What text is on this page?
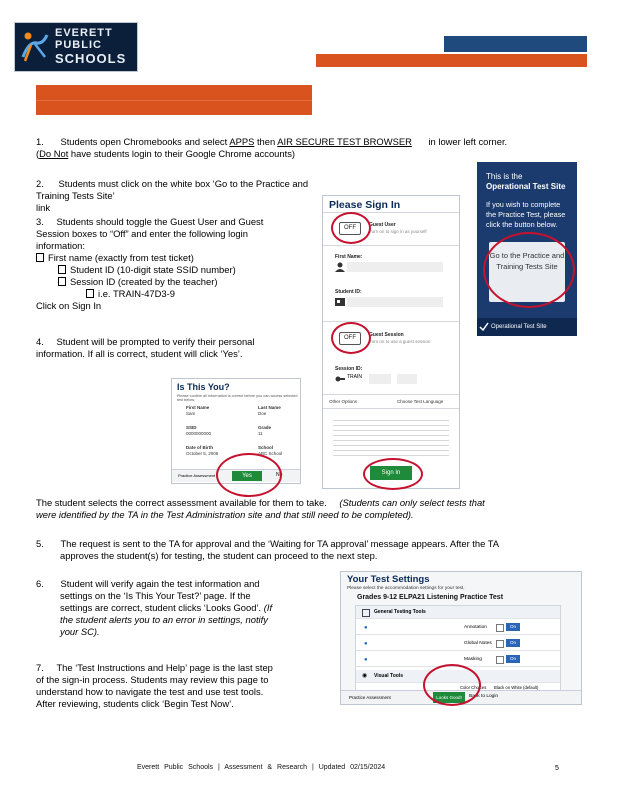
EVERETT
PUBLIC
SCHOOLS
1. Students open Chromebooks and select APPS then AIR SECURE TEST BROWSER in lower left corner.
(Do Not have students login to their Google Chrome accounts)
2. Students must click on the white box ‘Go to the Practice and Training Tests Site’
link
3. Students should toggle the Guest User and Guest
Session boxes to “Off” and enter the following login
information:
First name (exactly from test ticket)
Student ID (10-digit state SSID number)
Session ID (created by the teacher)
i.e. TRAIN-47D3-9
Click on Sign In
4. Student will be prompted to verify their personal
information. If all is correct, student will click ‘Yes’.
Please Sign In
OFF	Guest User
Turn on to sign in as yourself
First Name:
Student ID:
OFF	Guest Session
Turn on to use a guest session
Session ID:
TRAIN
Other Options	Choose Test Language
Sign In
This is the
Operational Test Site
If you wish to complete the Practice Test, please click the button below.
Go to the Practice and Training Tests Site
Operational Test Site
Is This You?
Please confirm all information is correct before you can access selected test below.
First Name
Sam
Last Name
Doe
SSID
0000000000
Grade
11
Date of Birth
October 5, 2006
School
ABC School
Practice Assessment	Yes	No
The student selects the correct assessment available for them to take. (Students can only select tests that
were identified by the TA in the Test Administration site and that still need to be completed).
5. The request is sent to the TA for approval and the ‘Waiting for TA approval’ message appears. After the TA
approves the student(s) for testing, the student can proceed to the next step.
6. Student will verify again the test information and
settings on the ‘Is This Your Test?’ page. If the
settings are correct, student clicks ‘Looks Good’. (If
the student alerts you to an error in settings, notify
your SC).
7. The ‘Test Instructions and Help’ page is the last step
of the sign-in process. Students may review this page to
understand how to navigate the test and use test tools.
After reviewing, students click ‘Begin Test Now’.
Your Test Settings
Please select the accommodation settings for your test.
Grades 9-12 ELPA21 Listening Practice Test
General Testing Tools
●	Annotation	On
●	Global Notes	On
●	Masking	On
◉ Visual Tools
Color Choices Black on White (default)
Practice Assessment	Looks Good!	Back to Login
Everett Public Schools | Assessment & Research | Updated 02/15/2024	5
